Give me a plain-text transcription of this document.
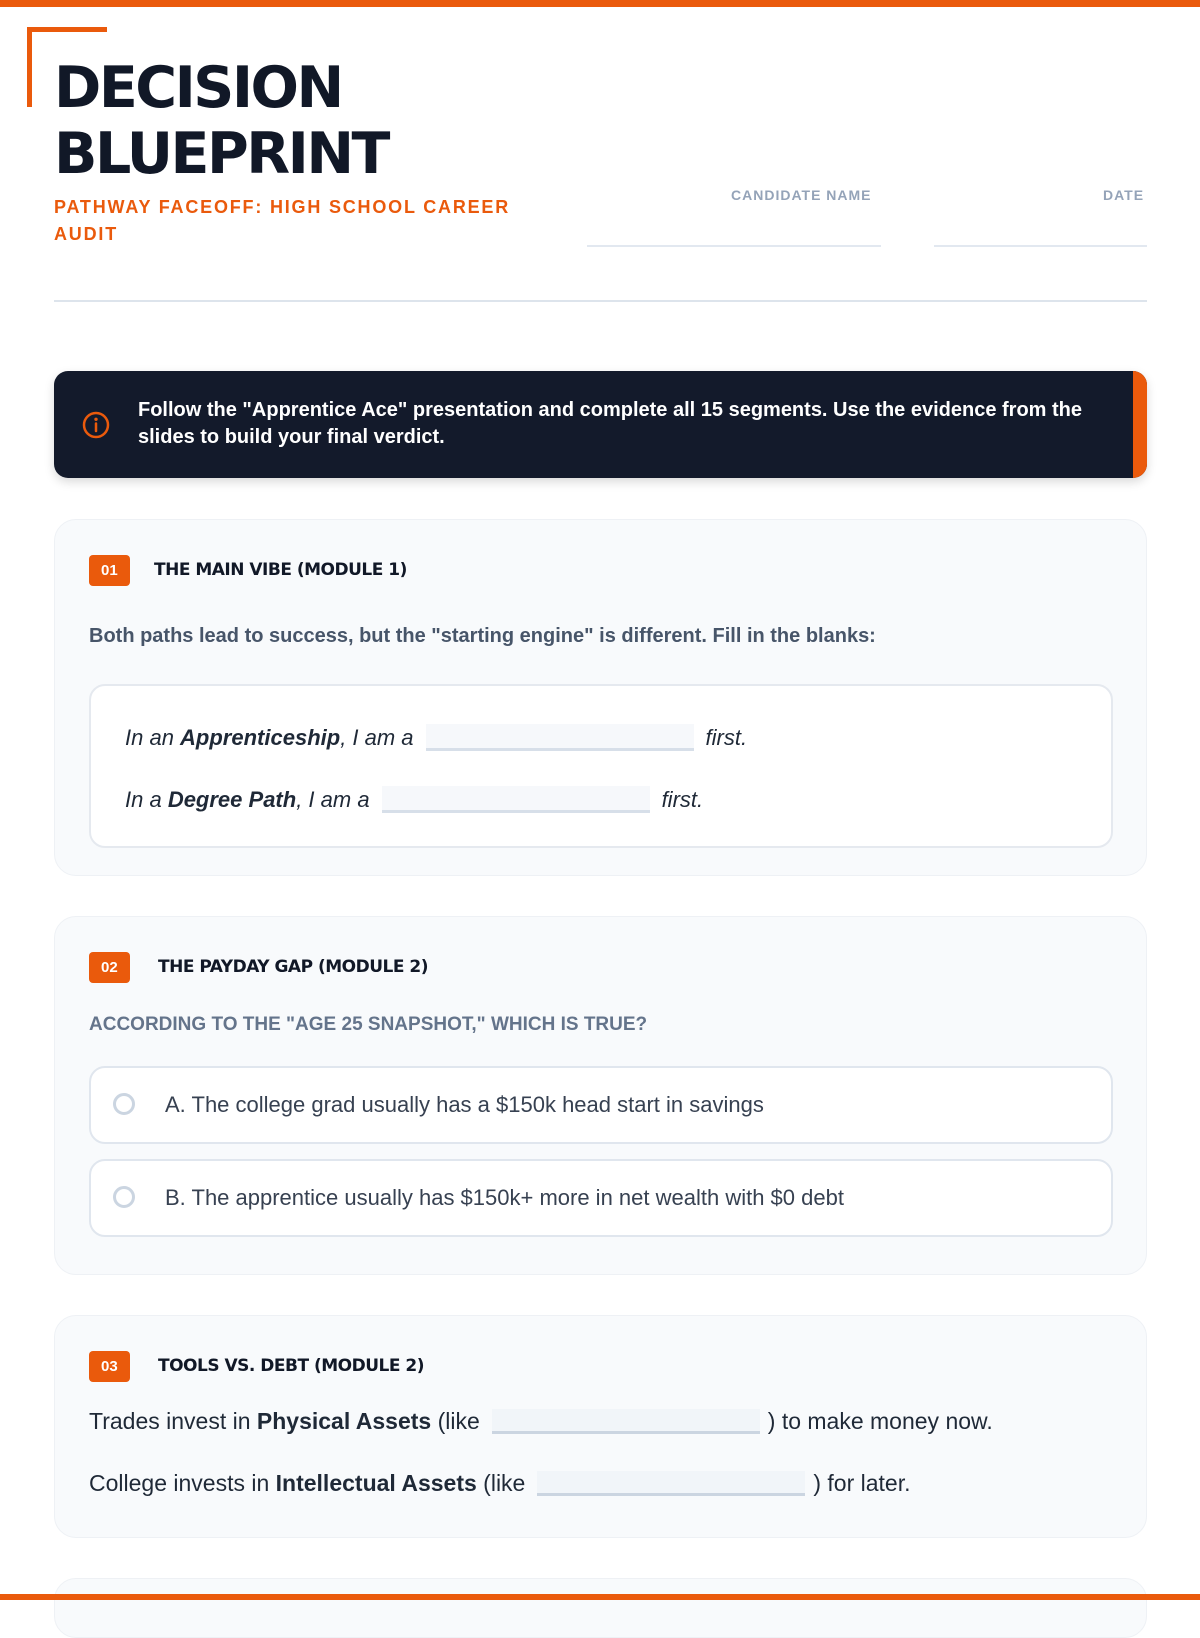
DECISION
BLUEPRINT
PATHWAY FACEOFF: HIGH SCHOOL CAREER AUDIT
CANDIDATE NAME	DATE
Follow the "Apprentice Ace" presentation and complete all 15 segments. Use the evidence from the slides to build your final verdict.
01	THE MAIN VIBE (MODULE 1)
Both paths lead to success, but the "starting engine" is different. Fill in the blanks:
In an Apprenticeship , I am a	first.
In a Degree Path , I am a	first.
02	THE PAYDAY GAP (MODULE 2)
ACCORDING TO THE "AGE 25 SNAPSHOT," WHICH IS TRUE?
A. The college grad usually has a $150k head start in savings
B. The apprentice usually has $150k+ more in net wealth with $0 debt
03	TOOLS VS. DEBT (MODULE 2)
Trades invest in Physical Assets (like	) to make money now.
College invests in Intellectual Assets (like	) for later.
